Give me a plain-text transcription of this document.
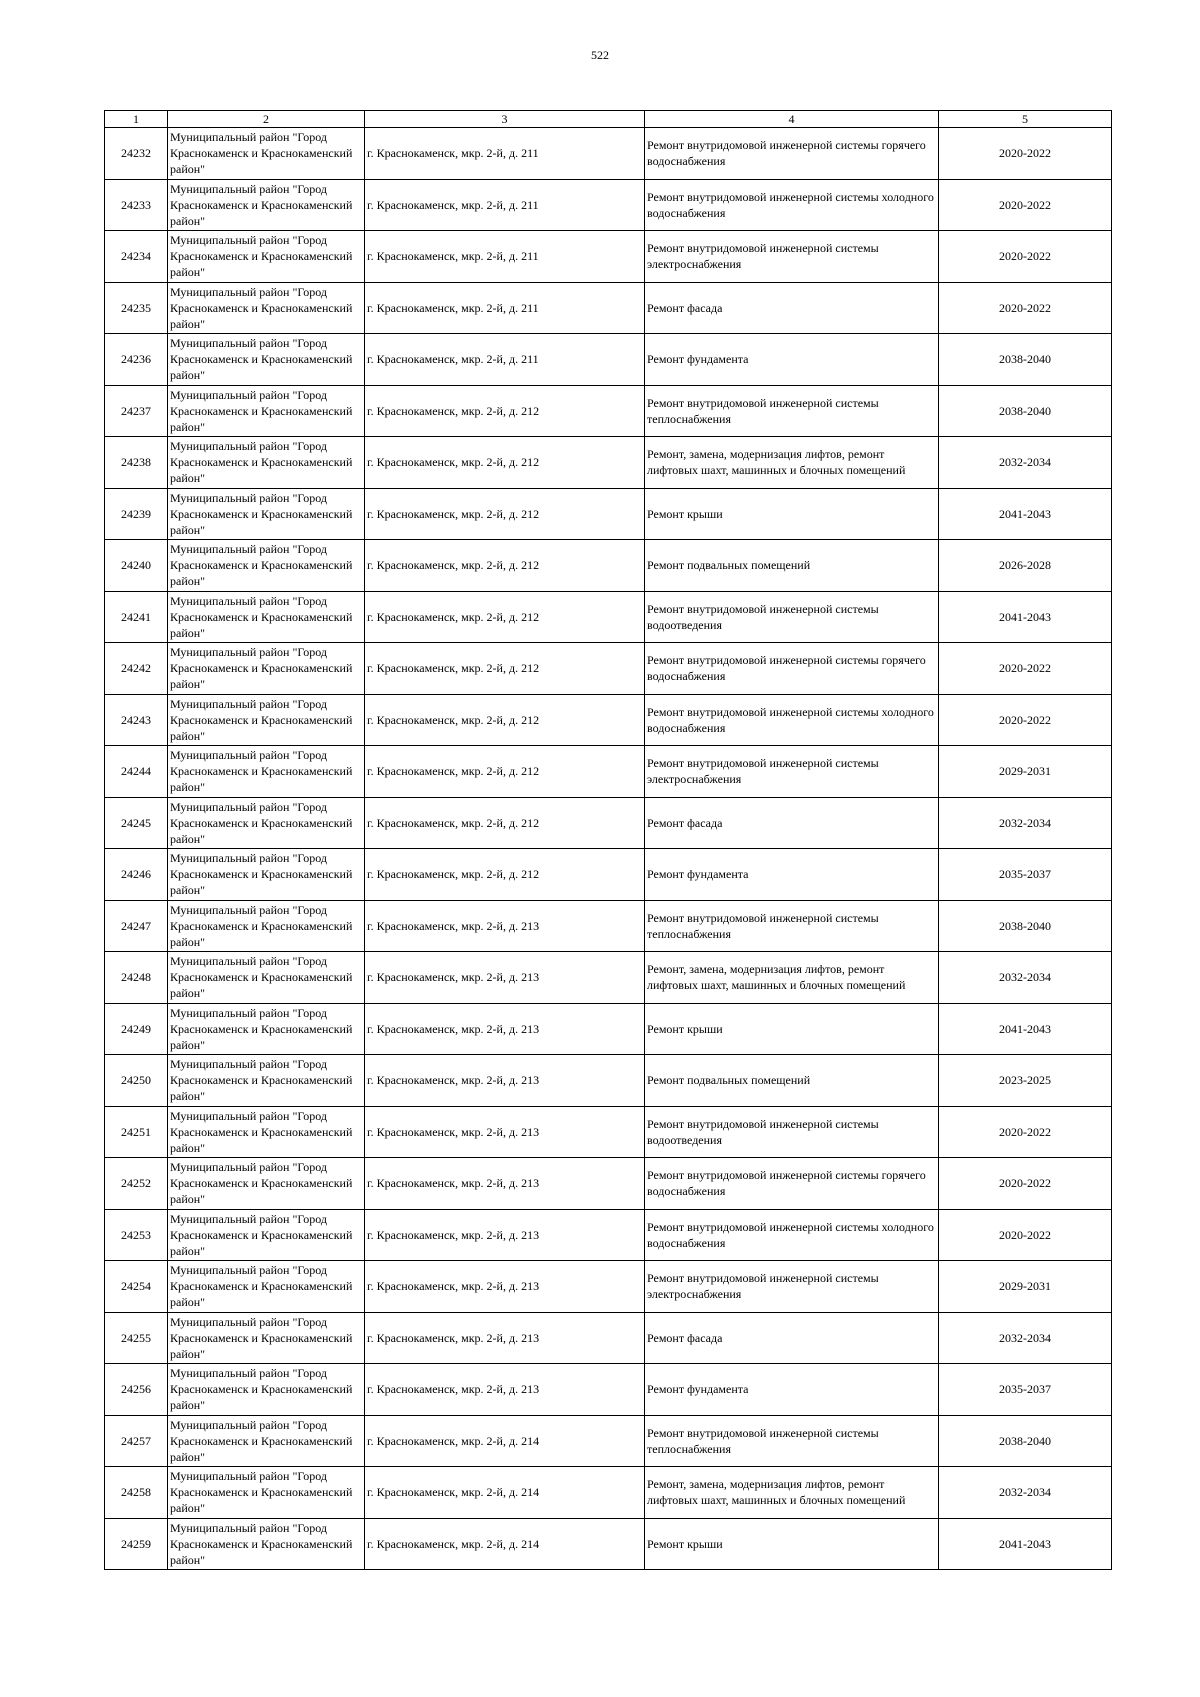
522
1	2	3	4	5
24232	Муниципальный район "Город Краснокаменск и Краснокаменский район"	г. Краснокаменск, мкр. 2-й, д. 211	Ремонт внутридомовой инженерной системы горячего водоснабжения	2020-2022
24233	Муниципальный район "Город Краснокаменск и Краснокаменский район"	г. Краснокаменск, мкр. 2-й, д. 211	Ремонт внутридомовой инженерной системы холодного водоснабжения	2020-2022
24234	Муниципальный район "Город Краснокаменск и Краснокаменский район"	г. Краснокаменск, мкр. 2-й, д. 211	Ремонт внутридомовой инженерной системы электроснабжения	2020-2022
24235	Муниципальный район "Город Краснокаменск и Краснокаменский район"	г. Краснокаменск, мкр. 2-й, д. 211	Ремонт фасада	2020-2022
24236	Муниципальный район "Город Краснокаменск и Краснокаменский район"	г. Краснокаменск, мкр. 2-й, д. 211	Ремонт фундамента	2038-2040
24237	Муниципальный район "Город Краснокаменск и Краснокаменский район"	г. Краснокаменск, мкр. 2-й, д. 212	Ремонт внутридомовой инженерной системы теплоснабжения	2038-2040
24238	Муниципальный район "Город Краснокаменск и Краснокаменский район"	г. Краснокаменск, мкр. 2-й, д. 212	Ремонт, замена, модернизация лифтов, ремонт лифтовых шахт, машинных и блочных помещений	2032-2034
24239	Муниципальный район "Город Краснокаменск и Краснокаменский район"	г. Краснокаменск, мкр. 2-й, д. 212	Ремонт крыши	2041-2043
24240	Муниципальный район "Город Краснокаменск и Краснокаменский район"	г. Краснокаменск, мкр. 2-й, д. 212	Ремонт подвальных помещений	2026-2028
24241	Муниципальный район "Город Краснокаменск и Краснокаменский район"	г. Краснокаменск, мкр. 2-й, д. 212	Ремонт внутридомовой инженерной системы водоотведения	2041-2043
24242	Муниципальный район "Город Краснокаменск и Краснокаменский район"	г. Краснокаменск, мкр. 2-й, д. 212	Ремонт внутридомовой инженерной системы горячего водоснабжения	2020-2022
24243	Муниципальный район "Город Краснокаменск и Краснокаменский район"	г. Краснокаменск, мкр. 2-й, д. 212	Ремонт внутридомовой инженерной системы холодного водоснабжения	2020-2022
24244	Муниципальный район "Город Краснокаменск и Краснокаменский район"	г. Краснокаменск, мкр. 2-й, д. 212	Ремонт внутридомовой инженерной системы электроснабжения	2029-2031
24245	Муниципальный район "Город Краснокаменск и Краснокаменский район"	г. Краснокаменск, мкр. 2-й, д. 212	Ремонт фасада	2032-2034
24246	Муниципальный район "Город Краснокаменск и Краснокаменский район"	г. Краснокаменск, мкр. 2-й, д. 212	Ремонт фундамента	2035-2037
24247	Муниципальный район "Город Краснокаменск и Краснокаменский район"	г. Краснокаменск, мкр. 2-й, д. 213	Ремонт внутридомовой инженерной системы теплоснабжения	2038-2040
24248	Муниципальный район "Город Краснокаменск и Краснокаменский район"	г. Краснокаменск, мкр. 2-й, д. 213	Ремонт, замена, модернизация лифтов, ремонт лифтовых шахт, машинных и блочных помещений	2032-2034
24249	Муниципальный район "Город Краснокаменск и Краснокаменский район"	г. Краснокаменск, мкр. 2-й, д. 213	Ремонт крыши	2041-2043
24250	Муниципальный район "Город Краснокаменск и Краснокаменский район"	г. Краснокаменск, мкр. 2-й, д. 213	Ремонт подвальных помещений	2023-2025
24251	Муниципальный район "Город Краснокаменск и Краснокаменский район"	г. Краснокаменск, мкр. 2-й, д. 213	Ремонт внутридомовой инженерной системы водоотведения	2020-2022
24252	Муниципальный район "Город Краснокаменск и Краснокаменский район"	г. Краснокаменск, мкр. 2-й, д. 213	Ремонт внутридомовой инженерной системы горячего водоснабжения	2020-2022
24253	Муниципальный район "Город Краснокаменск и Краснокаменский район"	г. Краснокаменск, мкр. 2-й, д. 213	Ремонт внутридомовой инженерной системы холодного водоснабжения	2020-2022
24254	Муниципальный район "Город Краснокаменск и Краснокаменский район"	г. Краснокаменск, мкр. 2-й, д. 213	Ремонт внутридомовой инженерной системы электроснабжения	2029-2031
24255	Муниципальный район "Город Краснокаменск и Краснокаменский район"	г. Краснокаменск, мкр. 2-й, д. 213	Ремонт фасада	2032-2034
24256	Муниципальный район "Город Краснокаменск и Краснокаменский район"	г. Краснокаменск, мкр. 2-й, д. 213	Ремонт фундамента	2035-2037
24257	Муниципальный район "Город Краснокаменск и Краснокаменский район"	г. Краснокаменск, мкр. 2-й, д. 214	Ремонт внутридомовой инженерной системы теплоснабжения	2038-2040
24258	Муниципальный район "Город Краснокаменск и Краснокаменский район"	г. Краснокаменск, мкр. 2-й, д. 214	Ремонт, замена, модернизация лифтов, ремонт лифтовых шахт, машинных и блочных помещений	2032-2034
24259	Муниципальный район "Город Краснокаменск и Краснокаменский район"	г. Краснокаменск, мкр. 2-й, д. 214	Ремонт крыши	2041-2043
